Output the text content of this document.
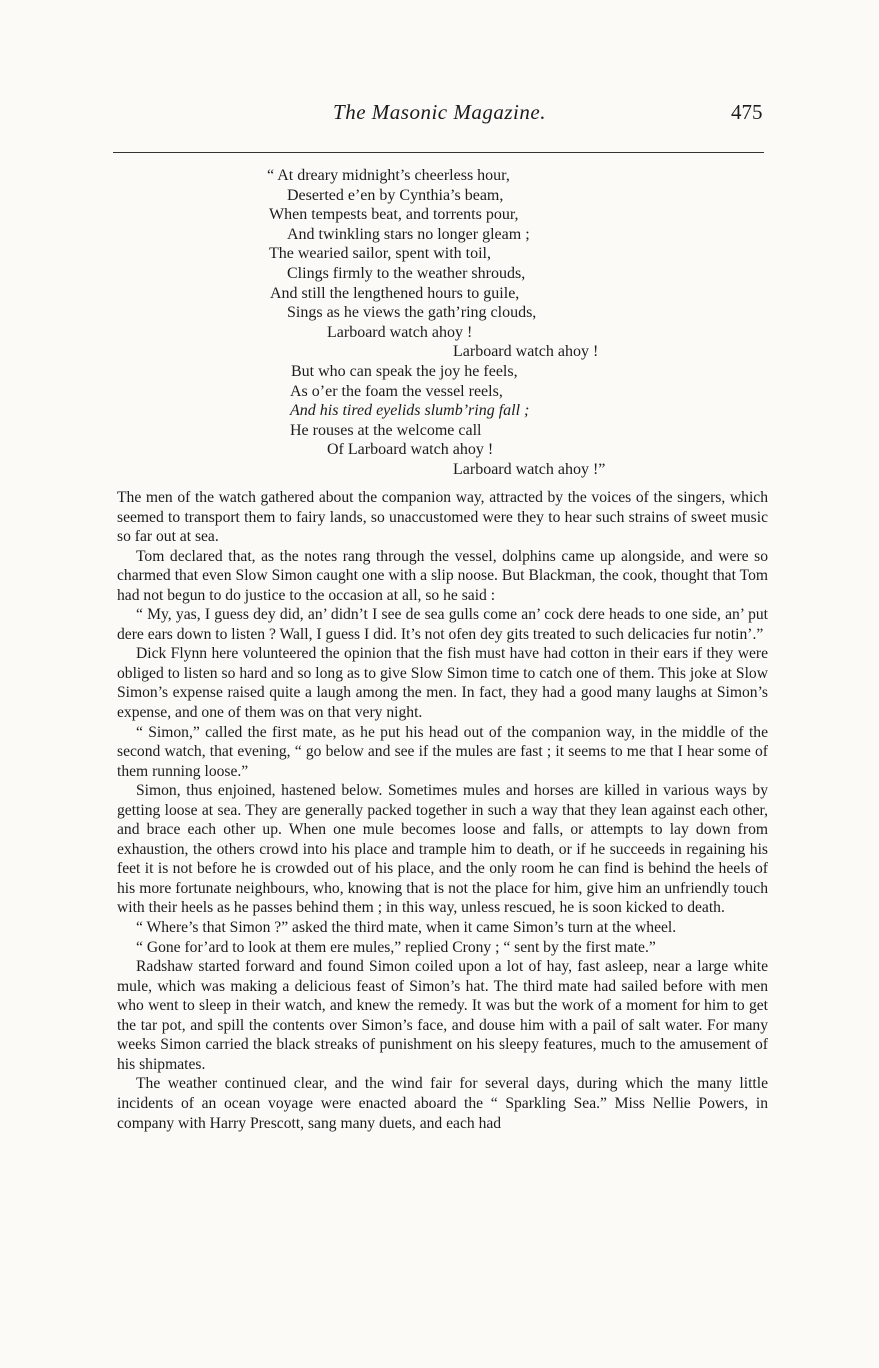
The Masonic Magazine.	475
“ At dreary midnight’s cheerless hour,
Deserted e’en by Cynthia’s beam,
When tempests beat, and torrents pour,
And twinkling stars no longer gleam ;
The wearied sailor, spent with toil,
Clings firmly to the weather shrouds,
And still the lengthened hours to guile,
Sings as he views the gath’ring clouds,
Larboard watch ahoy !
Larboard watch ahoy !
But who can speak the joy he feels,
As o’er the foam the vessel reels,
And his tired eyelids slumb’ring fall ;
He rouses at the welcome call
Of Larboard watch ahoy !
Larboard watch ahoy !”

The men of the watch gathered about the companion way, attracted by the voices of the singers, which seemed to transport them to fairy lands, so unaccustomed were they to hear such strains of sweet music so far out at sea.

Tom declared that, as the notes rang through the vessel, dolphins came up alongside, and were so charmed that even Slow Simon caught one with a slip noose. But Blackman, the cook, thought that Tom had not begun to do justice to the occasion at all, so he said :

“ My, yas, I guess dey did, an’ didn’t I see de sea gulls come an’ cock dere heads to one side, an’ put dere ears down to listen ? Wall, I guess I did. It’s not ofen dey gits treated to such delicacies fur notin’.”

Dick Flynn here volunteered the opinion that the fish must have had cotton in their ears if they were obliged to listen so hard and so long as to give Slow Simon time to catch one of them. This joke at Slow Simon’s expense raised quite a laugh among the men. In fact, they had a good many laughs at Simon’s expense, and one of them was on that very night.

“ Simon,” called the first mate, as he put his head out of the companion way, in the middle of the second watch, that evening, “ go below and see if the mules are fast ; it seems to me that I hear some of them running loose.”

Simon, thus enjoined, hastened below. Sometimes mules and horses are killed in various ways by getting loose at sea. They are generally packed together in such a way that they lean against each other, and brace each other up. When one mule becomes loose and falls, or attempts to lay down from exhaustion, the others crowd into his place and trample him to death, or if he succeeds in regaining his feet it is not before he is crowded out of his place, and the only room he can find is behind the heels of his more fortunate neighbours, who, knowing that is not the place for him, give him an unfriendly touch with their heels as he passes behind them ; in this way, unless rescued, he is soon kicked to death.

“ Where’s that Simon ?” asked the third mate, when it came Simon’s turn at the wheel.

“ Gone for’ard to look at them ere mules,” replied Crony ; “ sent by the first mate.”

Radshaw started forward and found Simon coiled upon a lot of hay, fast asleep, near a large white mule, which was making a delicious feast of Simon’s hat. The third mate had sailed before with men who went to sleep in their watch, and knew the remedy. It was but the work of a moment for him to get the tar pot, and spill the contents over Simon’s face, and douse him with a pail of salt water. For many weeks Simon carried the black streaks of punishment on his sleepy features, much to the amusement of his shipmates.

The weather continued clear, and the wind fair for several days, during which the many little incidents of an ocean voyage were enacted aboard the “ Sparkling Sea.” Miss Nellie Powers, in company with Harry Prescott, sang many duets, and each had
